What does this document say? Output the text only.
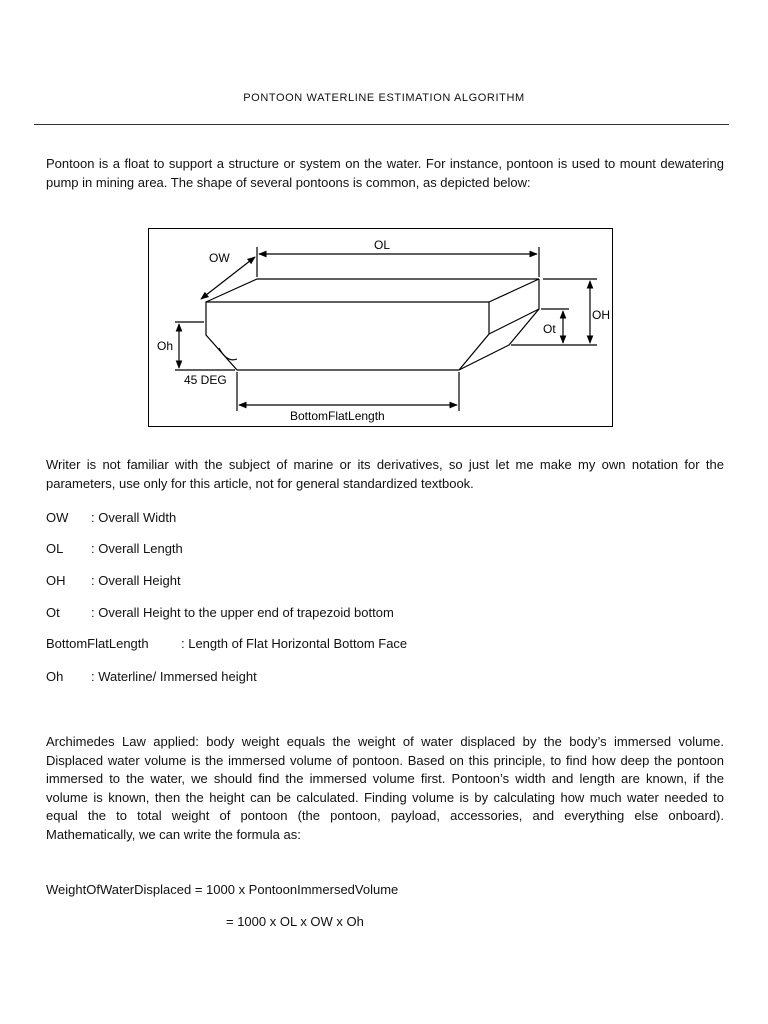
PONTOON WATERLINE ESTIMATION ALGORITHM

Pontoon is a float to support a structure or system on the water. For instance, pontoon is used to mount dewatering pump in mining area. The shape of several pontoons is common, as depicted below:

OL
OW
OH
Ot
Oh
45 DEG
BottomFlatLength

Writer is not familiar with the subject of marine or its derivatives, so just let me make my own notation for the parameters, use only for this article, not for general standardized textbook.

OW : Overall Width
OL : Overall Length
OH : Overall Height
Ot : Overall Height to the upper end of trapezoid bottom
BottomFlatLength : Length of Flat Horizontal Bottom Face
Oh : Waterline/ Immersed height

Archimedes Law applied: body weight equals the weight of water displaced by the body’s immersed volume. Displaced water volume is the immersed volume of pontoon. Based on this principle, to find how deep the pontoon immersed to the water, we should find the immersed volume first. Pontoon’s width and length are known, if the volume is known, then the height can be calculated. Finding volume is by calculating how much water needed to equal the to total weight of pontoon (the pontoon, payload, accessories, and everything else onboard). Mathematically, we can write the formula as:

WeightOfWaterDisplaced = 1000 x PontoonImmersedVolume
= 1000 x OL x OW x Oh
